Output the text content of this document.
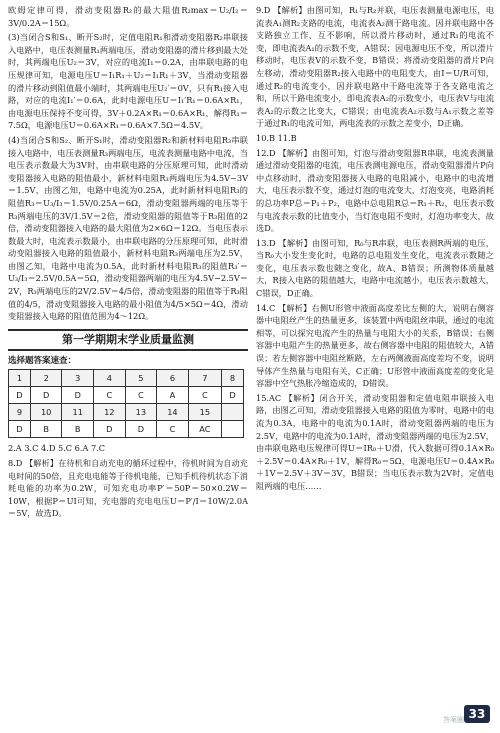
欧姆定律可得，滑动变阻器R₂的最大阻值R₂max＝U₂/I₂＝3V/0.2A＝15Ω。

(3)当闭合S和S₁、断开S₂时，定值电阻R₁和滑动变阻器R₂串联接入电路中，电压表测量R₁两端电压，滑动变阻器的滑片移到最大处时，其两端电压U₂＝3V，对应的电流I₁＝0.2A，由串联电路的电压规律可知，电源电压U＝I₁R₁＋U₂＝I₁R₁＋3V，当滑动变阻器的滑片移动到阻值最小端时，其两端电压U₂′＝0V，只有R₁接入电路，对应的电流I₁′＝0.6A，此时电源电压U＝I₁′R₁＝0.6A×R₁，由电源电压保持不变可得，3V＋0.2A×R₁＝0.6A×R₁，解得R₁＝7.5Ω，电源电压U＝0.6A×R₁＝0.6A×7.5Ω＝4.5V。

(4)当闭合S和S₂、断开S₁时，滑动变阻器R₂和新材料电阻R₃串联接入电路中，电压表测量R₃两端电压，电流表测量电路中电流，当电压表示数最大为3V时，由串联电路的分压原理可知，此时滑动变阻器接入电路的阻值最小，新材料电阻R₃两端电压为4.5V−3V＝1.5V，由图乙知，电路中电流为0.25A，此时新材料电阻R₃的阻值R₃＝U₃/I₃＝1.5V/0.25A＝6Ω，滑动变阻器两端的电压等于R₃两端电压的3V/1.5V＝2倍，滑动变阻器的阻值等于R₃阻值的2倍，滑动变阻器接入电路的最大阻值为2×6Ω＝12Ω。当电压表示数最大时，电流表示数最小，由串联电路的分压原理可知，此时滑动变阻器接入电路的阻值最小，新材料电阻R₃两端电压为2.5V，由图乙知，电路中电流为0.5A，此时新材料电阻R₃的阻值R₃′＝U₃/I₃＝2.5V/0.5A＝5Ω，滑动变阻器两端的电压为4.5V−2.5V＝2V，R₃两端电压的2V/2.5V＝4/5倍，滑动变阻器的阻值等于R₃阻值的4/5，滑动变阻器接入电路的最小阻值为4/5×5Ω＝4Ω，滑动变阻器接入电路的阻值范围为4～12Ω。

第一学期期末学业质量监测
选择题答案速查：
1	2	3	4	5	6	7	8
D	D	D	C	C	A	C	D
9	10	11	12	13	14	15	
D	B	B	D	D	C	AC	

2.A 3.C 4.D 5.C 6.A 7.C

8.D 【解析】在待机和自动充电的循环过程中，待机时间为自动充电时间的50倍，且充电电能等于待机电能，已知手机待机状态下消耗电能的功率为0.2W，可知充电功率P′＝50P＝50×0.2W＝10W，根据P＝UI可知，充电器的充电电压U＝P′/I＝10W/2.0A＝5V，故选D。

9.D 【解析】由图可知，R₁与R₂并联，电压表测量电源电压，电流表A₁测R₂支路的电流，电流表A₂测干路电流。因并联电路中各支路独立工作、互不影响，所以滑片移动时，通过R₁的电流不变，即电流表A₁的示数不变，A错误；因电源电压不变，所以滑片移动时，电压表V的示数不变，B错误；将滑动变阻器的滑片P向左移动，滑动变阻器R₂接入电路中的电阻变大，由I＝U/R可知，通过R₂的电流变小，因并联电路中干路电流等于各支路电流之和，所以干路电流变小，即电流表A₂的示数变小，电压表V与电流表A₂的示数之比变大，C错误；由电流表A₂示数与A₁示数之差等于通过R₁的电流可知，两电流表的示数之差变小，D正确。

10.B 11.B

12.D 【解析】由图可知，灯泡与滑动变阻器R串联，电流表测量通过滑动变阻器的电流，电压表测电源电压，滑动变阻器滑片P向中点移动时，滑动变阻器接入电路的电阻减小，电路中的电流增大，电压表示数不变，通过灯泡的电流变大，灯泡变亮，电路消耗的总功率P总＝P₁＋P₂，电路中总电阻R总＝R₁＋R₂，电压表示数与电流表示数的比值变小，当灯泡电阻不变时，灯泡功率变大，故选D。

13.D 【解析】由图可知，R₀与R串联，电压表测R两端的电压，当R₀大小发生变化时，电路的总电阻发生变化，电流表示数随之变化，电压表示数也随之变化，故A、B错误；所测物体质量越大，R接入电路的阻值越大，电路中电流越小，电压表示数越大，C错误，D正确。

14.C 【解析】右侧U形管中液面高度差比左侧的大，说明右侧容器中电阻丝产生的热量更多，该装置中两电阻丝串联，通过的电流相等，可以探究电流产生的热量与电阻大小的关系，B错误；右侧容器中电阻产生的热量更多，故右侧容器中电阻的阻值较大，A错误；若左侧容器中电阻丝断路，左右两侧液面高度差均不变，说明导体产生热量与电阻有关，C正确；U形管中液面高度差的变化是容器中空气热胀冷缩造成的，D错误。

15.AC 【解析】闭合开关，滑动变阻器和定值电阻串联接入电路，由图乙可知，滑动变阻器接入电路的阻值为零时，电路中的电流为0.3A，电路中的电流为0.1A时，滑动变阻器两端的电压为2.5V，电路中的电流为0.1A时，滑动变阻器两端的电压为2.5V，由串联电路电压规律可得U＝IR₀＋U滑，代入数据可得0.1A×R₀＋2.5V＝0.4A×R₀＋1V，解得R₀＝5Ω，电源电压U＝0.4A×R₀＋1V＝2.5V＋3V＝3V，B错误；当电压表示数为2V时，定值电阻两端的电压……

答案圈 33
